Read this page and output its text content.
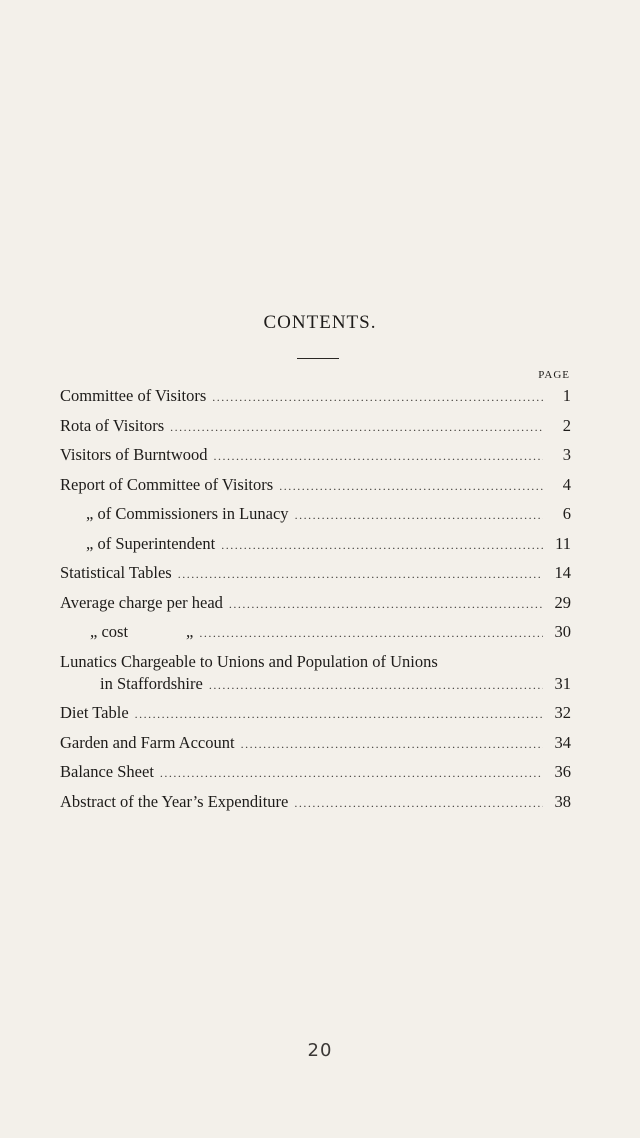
CONTENTS.
PAGE
Committee of Visitors .....	1
Rota of Visitors .....	2
Visitors of Burntwood .....	3
Report of Committee of Visitors .....	4
„ of Commissioners in Lunacy .....	6
„ of Superintendent .....	11
Statistical Tables .....	14
Average charge per head .....	29
„ cost	„ .....	30
Lunatics Chargeable to Unions and Population of Unions
in Staffordshire .....	31
Diet Table .....	32
Garden and Farm Account .....	34
Balance Sheet .....	36
Abstract of the Year’s Expenditure .....	38
20
